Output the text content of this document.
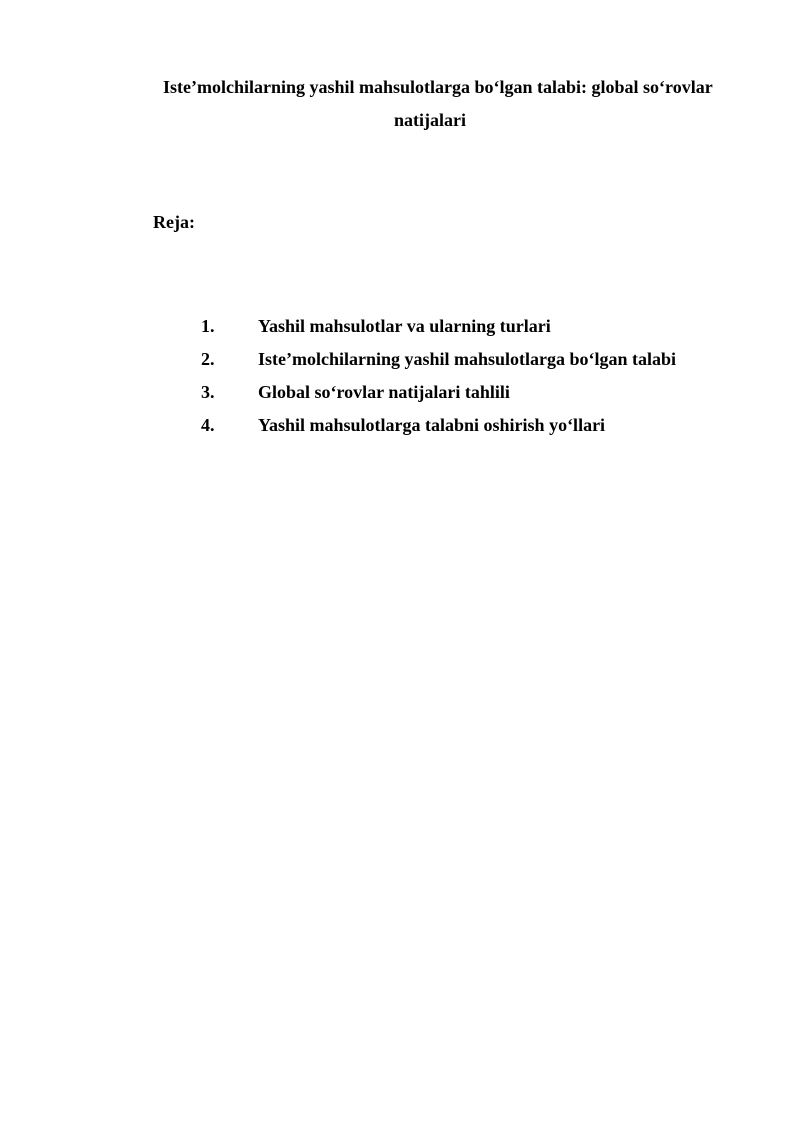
Iste’molchilarning yashil mahsulotlarga bo‘lgan talabi: global so‘rovlar
natijalari
Reja:
1. Yashil mahsulotlar va ularning turlari
2. Iste’molchilarning yashil mahsulotlarga bo‘lgan talabi
3. Global so‘rovlar natijalari tahlili
4. Yashil mahsulotlarga talabni oshirish yo‘llari
